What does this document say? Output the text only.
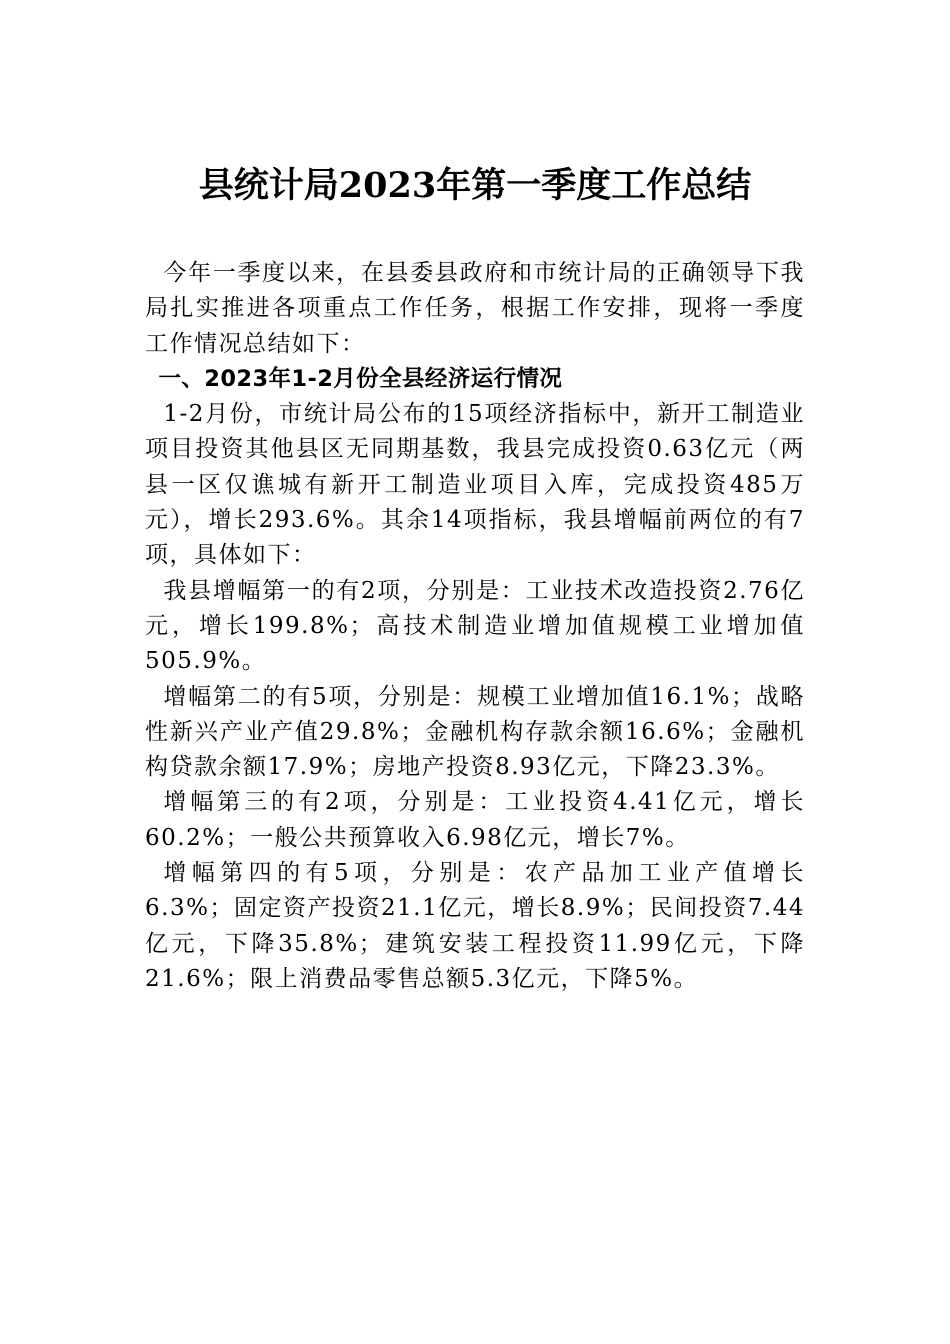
县统计局2023年第一季度工作总结

今年一季度以来，在县委县政府和市统计局的正确领导下我局扎实推进各项重点工作任务，根据工作安排，现将一季度工作情况总结如下：

一、2023年1-2月份全县经济运行情况

1-2月份，市统计局公布的15项经济指标中，新开工制造业项目投资其他县区无同期基数，我县完成投资0.63亿元（两县一区仅谯城有新开工制造业项目入库，完成投资485万元），增长293.6%。其余14项指标，我县增幅前两位的有7项，具体如下：

我县增幅第一的有2项，分别是：工业技术改造投资2.76亿元，增长199.8%；高技术制造业增加值规模工业增加值505.9%。

增幅第二的有5项，分别是：规模工业增加值16.1%；战略性新兴产业产值29.8%；金融机构存款余额16.6%；金融机构贷款余额17.9%；房地产投资8.93亿元，下降23.3%。

增幅第三的有2项，分别是：工业投资4.41亿元，增长60.2%；一般公共预算收入6.98亿元，增长7%。

增幅第四的有5项，分别是：农产品加工业产值增长6.3%；固定资产投资21.1亿元，增长8.9%；民间投资7.44亿元，下降35.8%；建筑安装工程投资11.99亿元，下降21.6%；限上消费品零售总额5.3亿元，下降5%。
